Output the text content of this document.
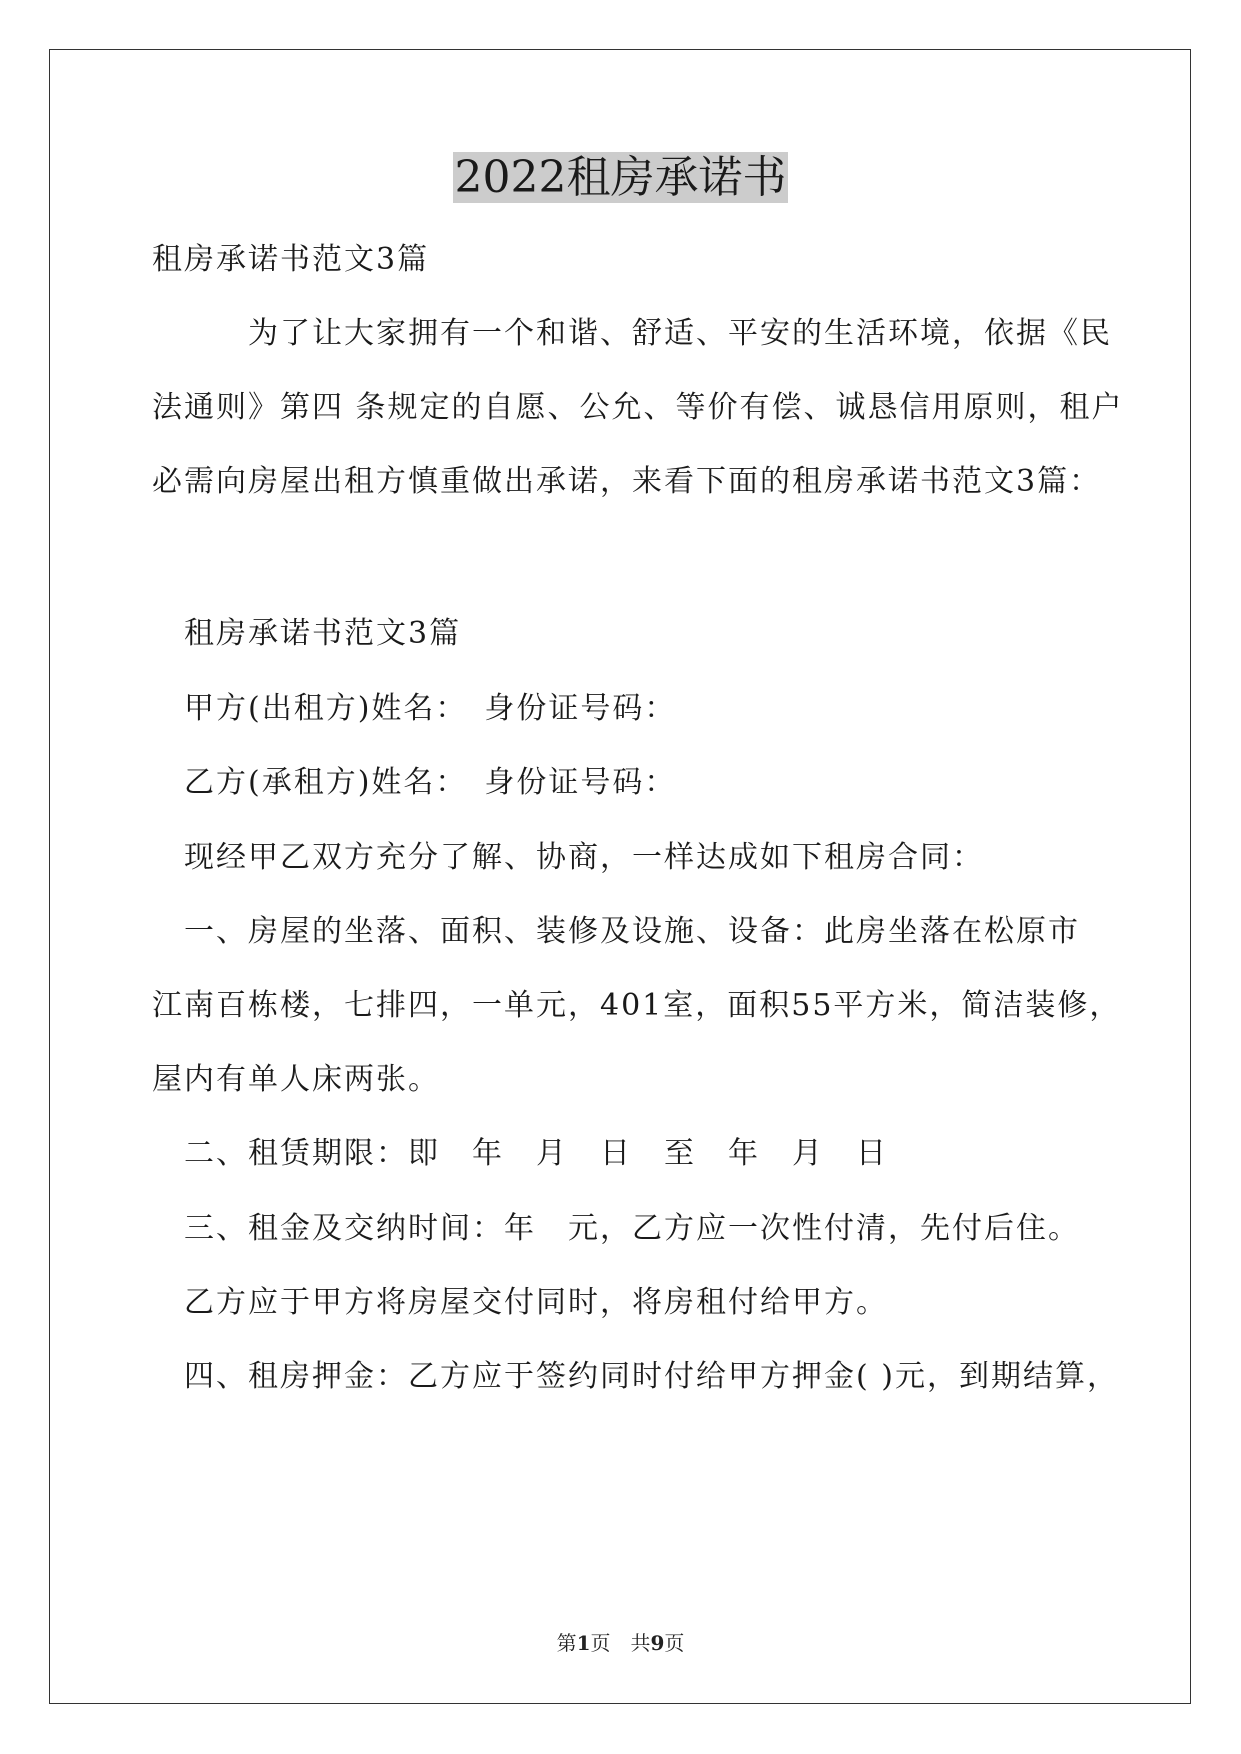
2022租房承诺书

租房承诺书范文3篇

　　　为了让大家拥有一个和谐、舒适、平安的生活环境，依据《民

法通则》第四 条规定的自愿、公允、等价有偿、诚恳信用原则，租户

必需向房屋出租方慎重做出承诺，来看下面的租房承诺书范文3篇：

　租房承诺书范文3篇

　甲方(出租方)姓名：　身份证号码：

　乙方(承租方)姓名：　身份证号码：

　现经甲乙双方充分了解、协商，一样达成如下租房合同：

　一、房屋的坐落、面积、装修及设施、设备：此房坐落在松原市

江南百栋楼，七排四，一单元，401室，面积55平方米，简洁装修，

屋内有单人床两张。

　二、租赁期限：即　年　月　日　至　年　月　日

　三、租金及交纳时间：年　元，乙方应一次性付清，先付后住。

　乙方应于甲方将房屋交付同时，将房租付给甲方。

　四、租房押金：乙方应于签约同时付给甲方押金( )元，到期结算，

第1页　共9页
